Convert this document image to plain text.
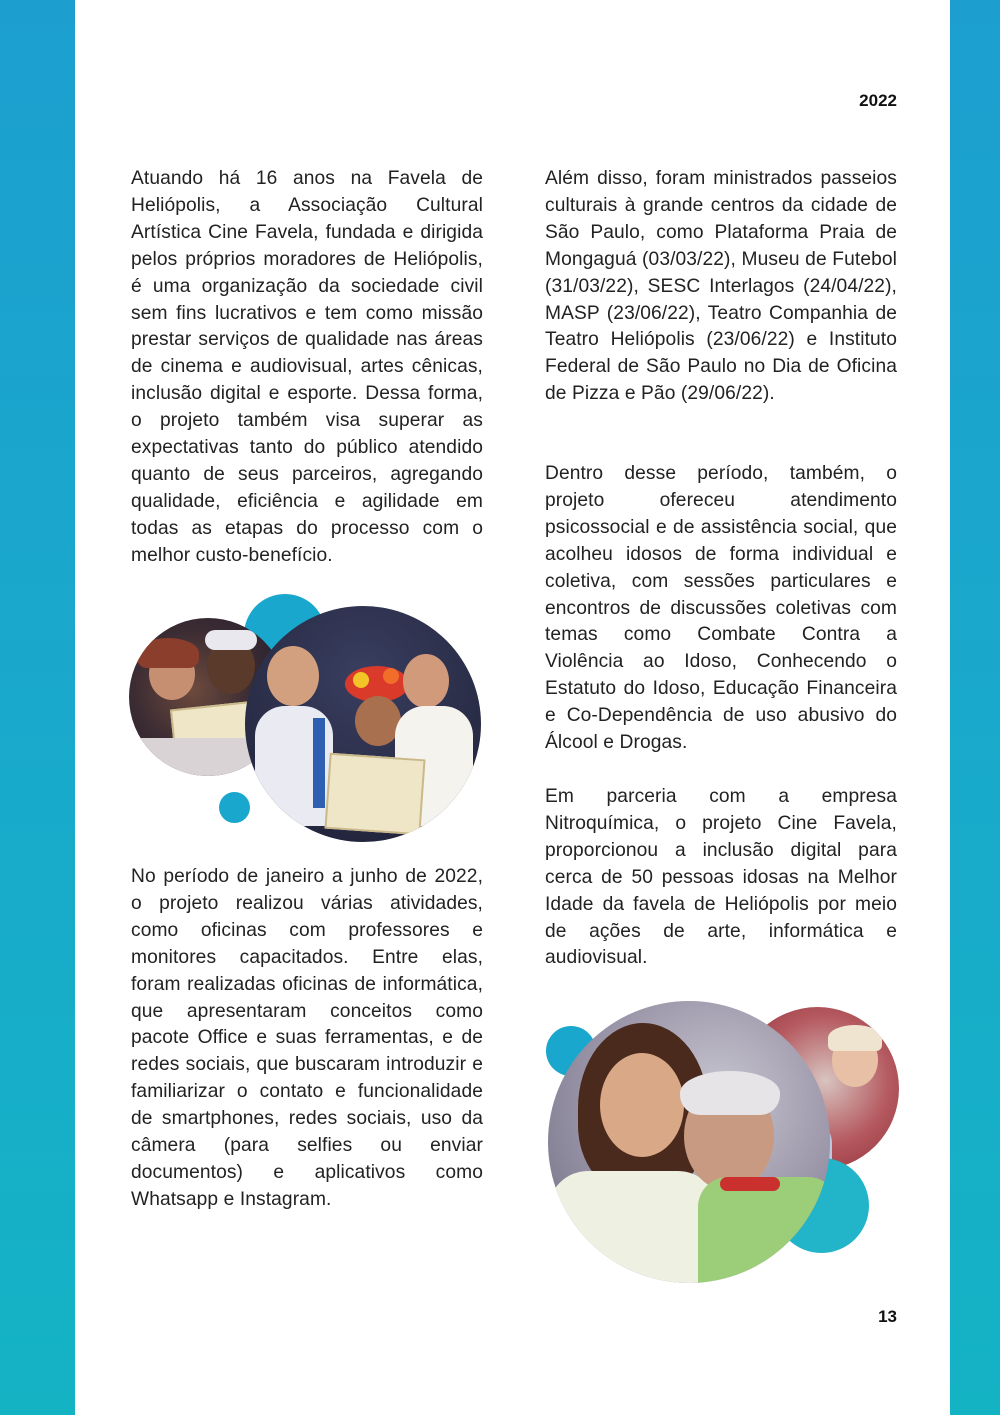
2022

Atuando há 16 anos na Favela de Heliópolis, a Associação Cultural Artística Cine Favela, fundada e dirigida pelos próprios moradores de Heliópolis, é uma organização da sociedade civil sem fins lucrativos e tem como missão prestar serviços de qualidade nas áreas de cinema e audiovisual, artes cênicas, inclusão digital e esporte. Dessa forma, o projeto também visa superar as expectativas tanto do público atendido quanto de seus parceiros, agregando qualidade, eficiência e agilidade em todas as etapas do processo com o melhor custo-benefício.

No período de janeiro a junho de 2022, o projeto realizou várias atividades, como oficinas com professores e monitores capacitados. Entre elas, foram realizadas oficinas de informática, que apresentaram conceitos como pacote Office e suas ferramentas, e de redes sociais, que buscaram introduzir e familiarizar o contato e funcionalidade de smartphones, redes sociais, uso da câmera (para selfies ou enviar documentos) e aplicativos como Whatsapp e Instagram.

Além disso, foram ministrados passeios culturais à grande centros da cidade de São Paulo, como Plataforma Praia de Mongaguá (03/03/22), Museu de Futebol (31/03/22), SESC Interlagos (24/04/22), MASP (23/06/22), Teatro Companhia de Teatro Heliópolis (23/06/22) e Instituto Federal de São Paulo no Dia de Oficina de Pizza e Pão (29/06/22).

Dentro desse período, também, o projeto ofereceu atendimento psicossocial e de assistência social, que acolheu idosos de forma individual e coletiva, com sessões particulares e encontros de discussões coletivas com temas como Combate Contra a Violência ao Idoso, Conhecendo o Estatuto do Idoso, Educação Financeira e Co-Dependência de uso abusivo do Álcool e Drogas.

Em parceria com a empresa Nitroquímica, o projeto Cine Favela, proporcionou a inclusão digital para cerca de 50 pessoas idosas na Melhor Idade da favela de Heliópolis por meio de ações de arte, informática e audiovisual.

13
